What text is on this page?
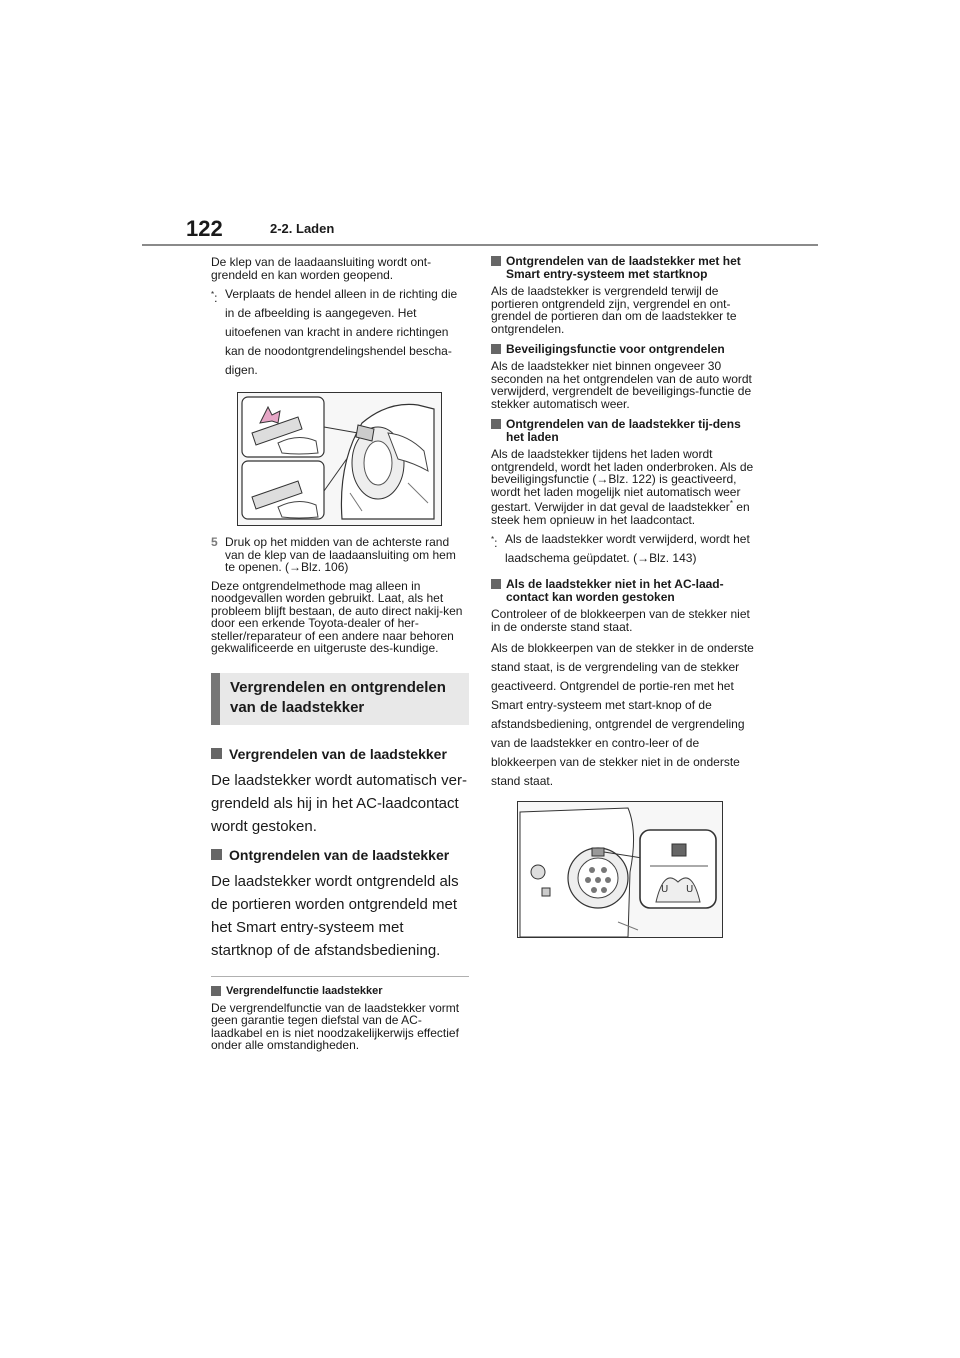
122	2-2. Laden

De klep van de laadaansluiting wordt ont-grendeld en kan worden geopend.

*: Verplaats de hendel alleen in de richting die in de afbeelding is aangegeven. Het uitoefenen van kracht in andere richtingen kan de noodontgrendelingshendel bescha-digen.
5 Druk op het midden van de achterste rand van de klep van de laadaansluiting om hem te openen. (→Blz. 106)

Deze ontgrendelmethode mag alleen in noodgevallen worden gebruikt. Laat, als het probleem blijft bestaan, de auto direct nakij-ken door een erkende Toyota-dealer of her-steller/reparateur of een andere naar behoren gekwalificeerde en uitgeruste des-kundige.

Vergrendelen en ontgrendelen
van de laadstekker
Vergrendelen van de laadstekker

De laadstekker wordt automatisch ver-grendeld als hij in het AC-laadcontact wordt gestoken.

Ontgrendelen van de laadstekker

De laadstekker wordt ontgrendeld als de portieren worden ontgrendeld met het Smart entry-systeem met startknop of de afstandsbediening.

Vergrendelfunctie laadstekker

De vergrendelfunctie van de laadstekker vormt geen garantie tegen diefstal van de AC-laadkabel en is niet noodzakelijkerwijs effectief onder alle omstandigheden.

Ontgrendelen van de laadstekker met het Smart entry-systeem met startknop

Als de laadstekker is vergrendeld terwijl de portieren ontgrendeld zijn, vergrendel en ont-grendel de portieren dan om de laadstekker te ontgrendelen.

Beveiligingsfunctie voor ontgrendelen

Als de laadstekker niet binnen ongeveer 30 seconden na het ontgrendelen van de auto wordt verwijderd, vergrendelt de beveiligings-functie de stekker automatisch weer.

Ontgrendelen van de laadstekker tij-dens het laden

Als de laadstekker tijdens het laden wordt ontgrendeld, wordt het laden onderbroken. Als de beveiligingsfunctie (→Blz. 122) is geactiveerd, wordt het laden mogelijk niet automatisch weer gestart. Verwijder in dat geval de laadstekker* en steek hem opnieuw in het laadcontact.

*: Als de laadstekker wordt verwijderd, wordt het laadschema geüpdatet. (→Blz. 143)
Als de laadstekker niet in het AC-laad-contact kan worden gestoken

Controleer of de blokkeerpen van de stekker niet in de onderste stand staat.

Als de blokkeerpen van de stekker in de onderste stand staat, is de vergrendeling van de stekker geactiveerd. Ontgrendel de portie-ren met het Smart entry-systeem met start-knop of de afstandsbediening, ontgrendel de vergrendeling van de laadstekker en contro-leer of de blokkeerpen van de stekker niet in de onderste stand staat.

U U
